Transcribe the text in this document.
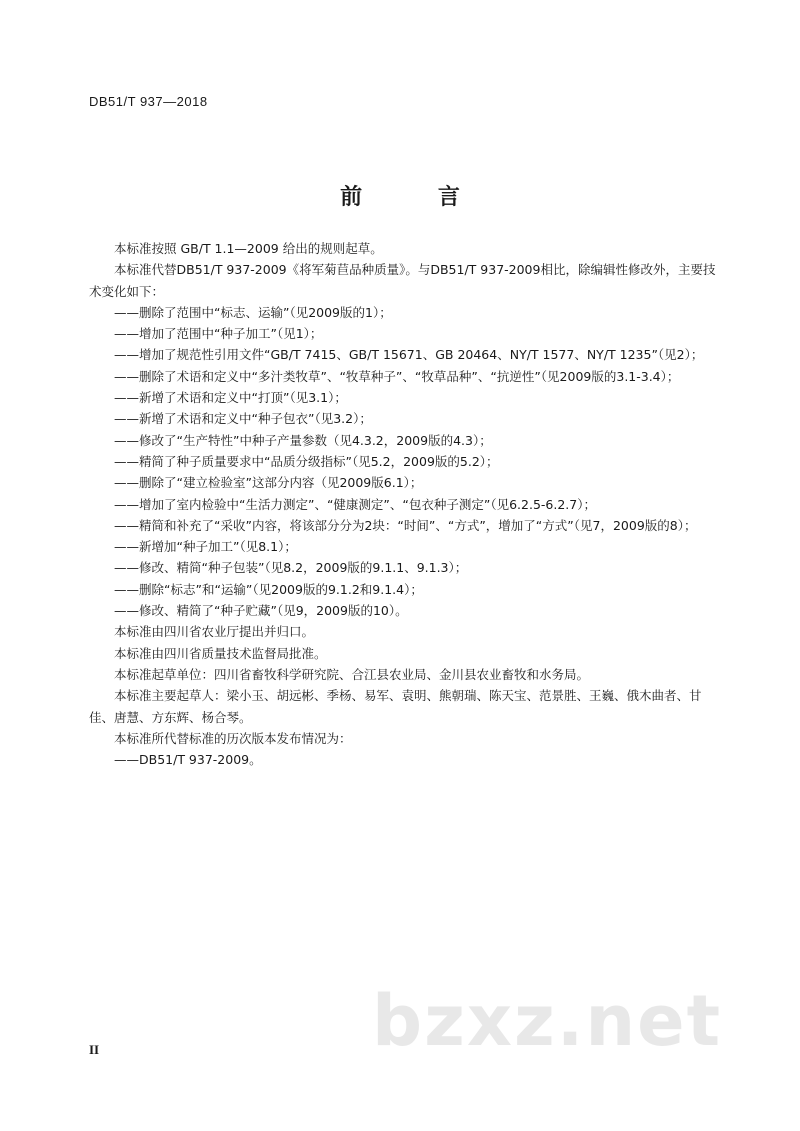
DB51/T 937—2018
前 言

本标准按照 GB/T 1.1—2009 给出的规则起草。

本标准代替DB51/T 937-2009《将军菊苣品种质量》。与DB51/T 937-2009相比，除编辑性修改外，主要技术变化如下：

——删除了范围中“标志、运输”（见2009版的1）；

——增加了范围中“种子加工”（见1）；

——增加了规范性引用文件“GB/T 7415、GB/T 15671、GB 20464、NY/T 1577、NY/T 1235”（见2）；

——删除了术语和定义中“多汁类牧草”、“牧草种子”、“牧草品种”、“抗逆性”（见2009版的3.1-3.4）；

——新增了术语和定义中“打顶”（见3.1）；

——新增了术语和定义中“种子包衣”（见3.2）；

——修改了“生产特性”中种子产量参数（见4.3.2，2009版的4.3）；

——精简了种子质量要求中“品质分级指标”（见5.2，2009版的5.2）；

——删除了“建立检验室”这部分内容（见2009版6.1）；

——增加了室内检验中“生活力测定”、“健康测定”、“包衣种子测定”（见6.2.5-6.2.7）；

——精简和补充了“采收”内容，将该部分分为2块：“时间”、“方式”，增加了“方式”（见7，2009版的8）；

——新增加“种子加工”（见8.1）；

——修改、精简“种子包装”（见8.2，2009版的9.1.1、9.1.3）；

——删除“标志”和“运输”（见2009版的9.1.2和9.1.4）；

——修改、精简了“种子贮藏”（见9，2009版的10）。

本标准由四川省农业厅提出并归口。

本标准由四川省质量技术监督局批准。

本标准起草单位：四川省畜牧科学研究院、合江县农业局、金川县农业畜牧和水务局。

本标准主要起草人：梁小玉、胡远彬、季杨、易军、袁明、熊朝瑞、陈天宝、范景胜、王巍、俄木曲者、甘佳、唐慧、方东辉、杨合琴。

本标准所代替标准的历次版本发布情况为：

——DB51/T 937-2009。

bzxz.net
II
